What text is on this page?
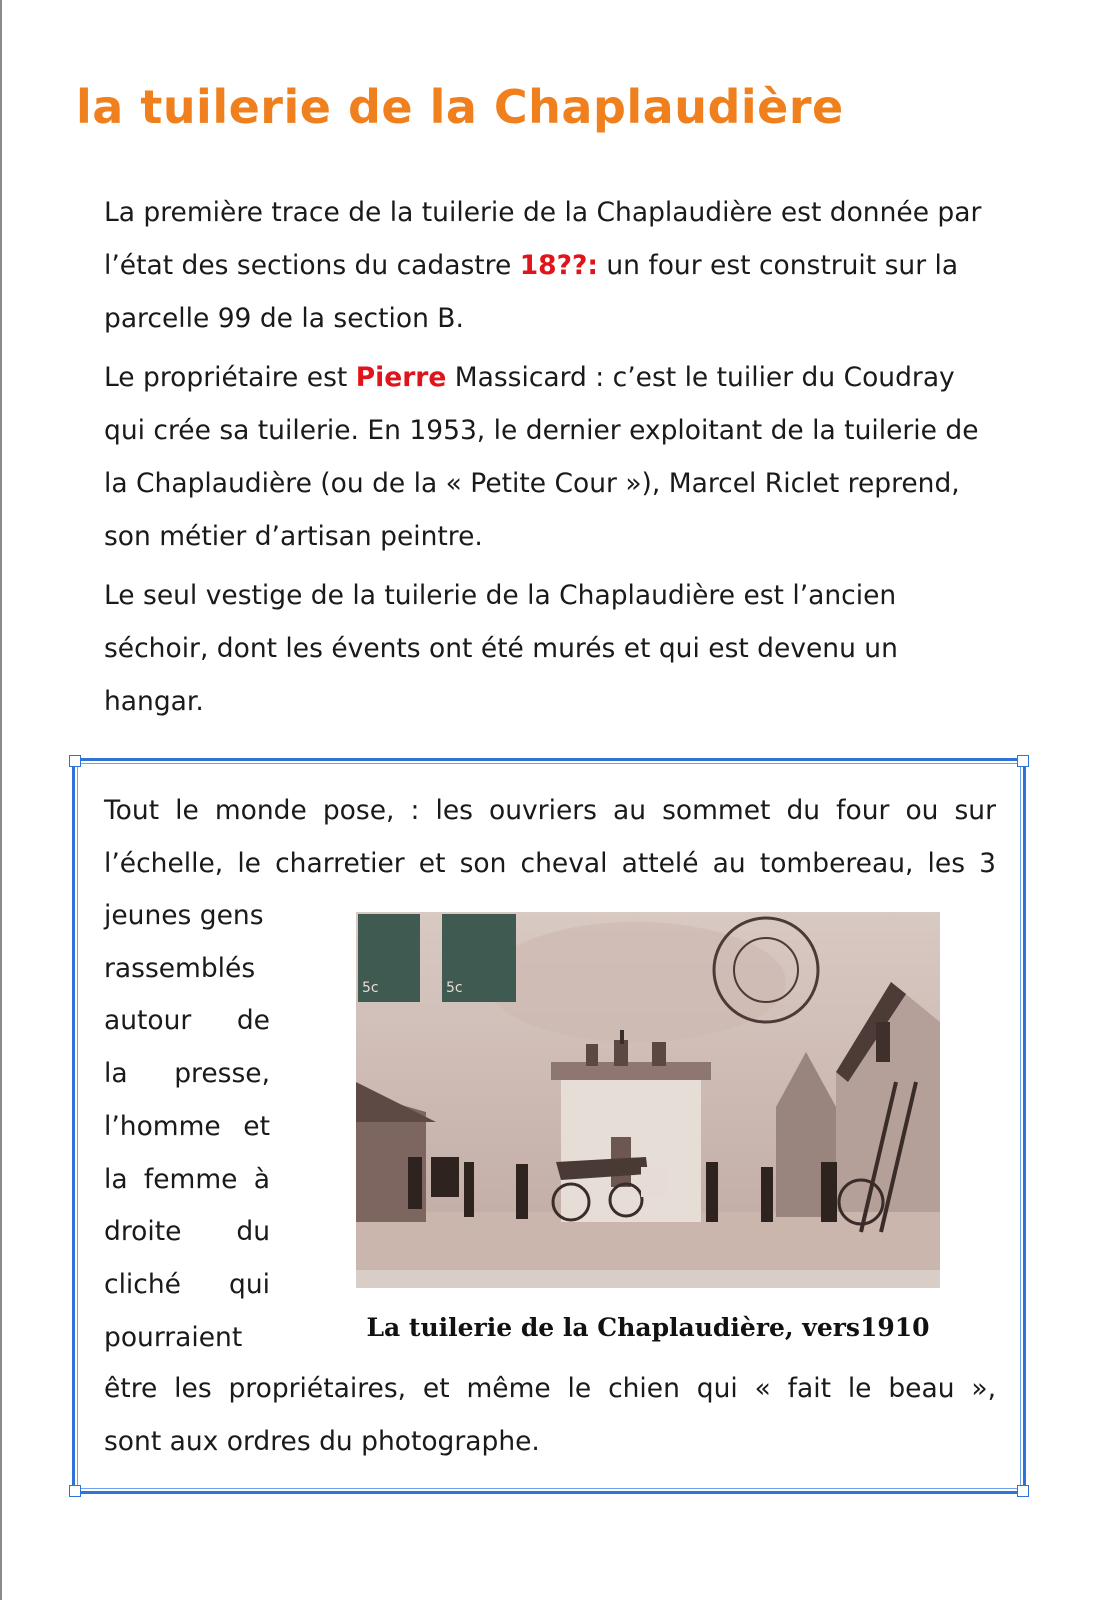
la tuilerie de la Chaplaudière

La première trace de la tuilerie de la Chaplaudière est donnée par l’état des sections du cadastre 18??: un four est construit sur la parcelle 99 de la section B.

Le propriétaire est Pierre Massicard : c’est le tuilier du Coudray qui crée sa tuilerie. En 1953, le dernier exploitant de la tuilerie de la Chaplaudière (ou de la « Petite Cour »), Marcel Riclet reprend, son métier d’artisan peintre.

Le seul vestige de la tuilerie de la Chaplaudière est l’ancien séchoir, dont les évents ont été murés et qui est devenu un hangar.

Tout le monde pose, : les ouvriers au sommet du four ou sur
l’échelle, le charretier et son cheval attelé au tombereau, les 3
jeunes gens
rassemblés
autour de
la presse,
l’homme et
la femme à
droite du
cliché qui
pourraient
5c	5c
La tuilerie de la Chaplaudière, vers1910
être les propriétaires, et même le chien qui « fait le beau »,
sont aux ordres du photographe.
